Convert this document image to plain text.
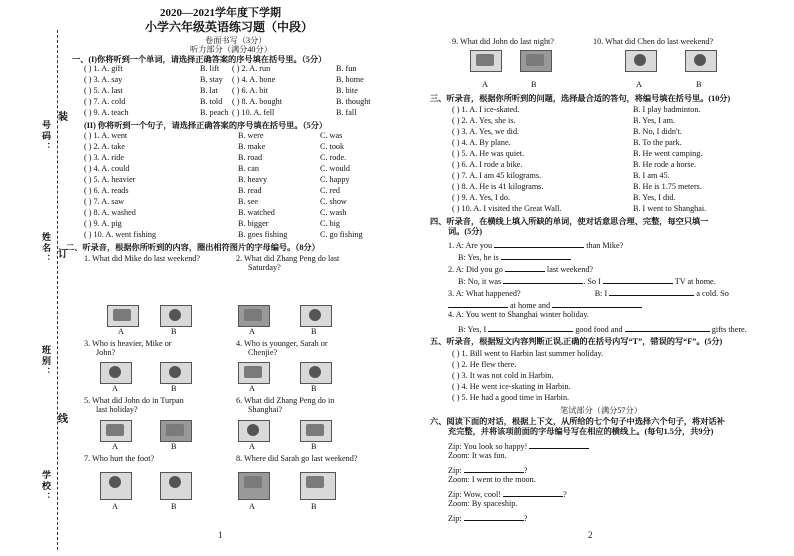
号码：
姓名：
班别：
学校：
装
订
线
2020—2021学年度下学期
小学六年级英语练习题（中段）
卷面书写（3分）
听力部分（满分40分）
一、(I)你将听到一个单词，请选择正确答案的序号填在括号里。（5分）
( ) 1. A. gift	B. lift ( ) 2. A. run	B. fun
( ) 3. A. say	B. stay ( ) 4. A. hone	B. home
( ) 5. A. last	B. lat ( ) 6. A. bit	B. bite
( ) 7. A. cold	B. told ( ) 8. A. bought	B. thought
( ) 9. A. teach	B. peach ( ) 10. A. fell	B. fall
(II) 你将听到一个句子，请选择正确答案的序号填在括号里。（5分）
( ) 1. A. went	B. were	C. was
( ) 2. A. take	B. make	C. took
( ) 3. A. ride	B. road	C. rode.
( ) 4. A. could	B. can	C. would
( ) 5. A. heavier	B. heavy	C. happy
( ) 6. A. reads	B. read	C. red
( ) 7. A. saw	B. see	C. show
( ) 8. A. washed	B. watched	C. wash
( ) 9. A. pig	B. bigger	C. big
( ) 10. A. went fishing	B. goes fishing	C. go fishing
二、听录音，根据你所听到的内容，圈出相符图片的字母编号。（8分）
1. What did Mike do last weekend?	2. What did Zhang Peng do last
Saturday?
A	B	A	B
3. Who is heavier, Mike or
John?
4. Who is younger, Sarah or
Chenjie?
A	B	A	B
5. What did John do in Turpan
last holiday?
6. What did Zhang Peng do in
Shanghai?
A	B	A	B
7. Who hurt the foot?	8. Where did Sarah go last weekend?
A	B	A	B
1
9. What did John do last night?	10. What did Chen do last weekend?
A	B	A	B
三、听录音，根据你所听到的问题，选择最合适的答句，将编号填在括号里。(10分)
( ) 1. A. I ice-skated.	B. I play badminton.
( ) 2. A. Yes, she is.	B. Yes, I am.
( ) 3. A. Yes, we did.	B. No, I didn't.
( ) 4. A. By plane.	B. To the park.
( ) 5. A. He was quiet.	B. He went camping.
( ) 6. A. I rode a bike.	B. He rode a horse.
( ) 7. A. I am 45 kilograms.	B. I am 45.
( ) 8. A. He is 41 kilograms.	B. He is 1.75 meters.
( ) 9. A. Yes, I do.	B. Yes, I did.
( ) 10. A. I visited the Great Wall.	B. I went to Shanghai.
四、听录音，在横线上填入所缺的单词，使对话意思合理、完整，每空只填一
词。(5分)
1. A: Are you	than Mike?
B: Yes, he is
2. A: Did you go	last weekend?
B: No, it was	. So I	TV at home.
3. A: What happened?	B: I	a cold. So
at home and
4. A: You went to Shanghai winter holiday.
B: Yes, I	good food and	gifts there.
五、听录音，根据短文内容判断正误,正确的在括号内写“T”，错误的写“F”。(5分)
( ) 1. Bill went to Harbin last summer holiday.
( ) 2. He flew there.
( ) 3. It was not cold in Harbin.
( ) 4. He went ice-skating in Harbin.
( ) 5. He had a good time in Harbin.
笔试部分（满分57分）
六、阅读下面的对话，根据上下文，从所给的七个句子中选择六个句子，将对话补
充完整，并将该项前面的字母编号写在相应的横线上。(每句1.5分，共9分)
Zip: You look so happy!
Zoom: It was fun.
Zip:	?
Zoom: I went to the moon.
Zip: Wow, cool!	?
Zoom: By spaceship.
Zip:	?
2
